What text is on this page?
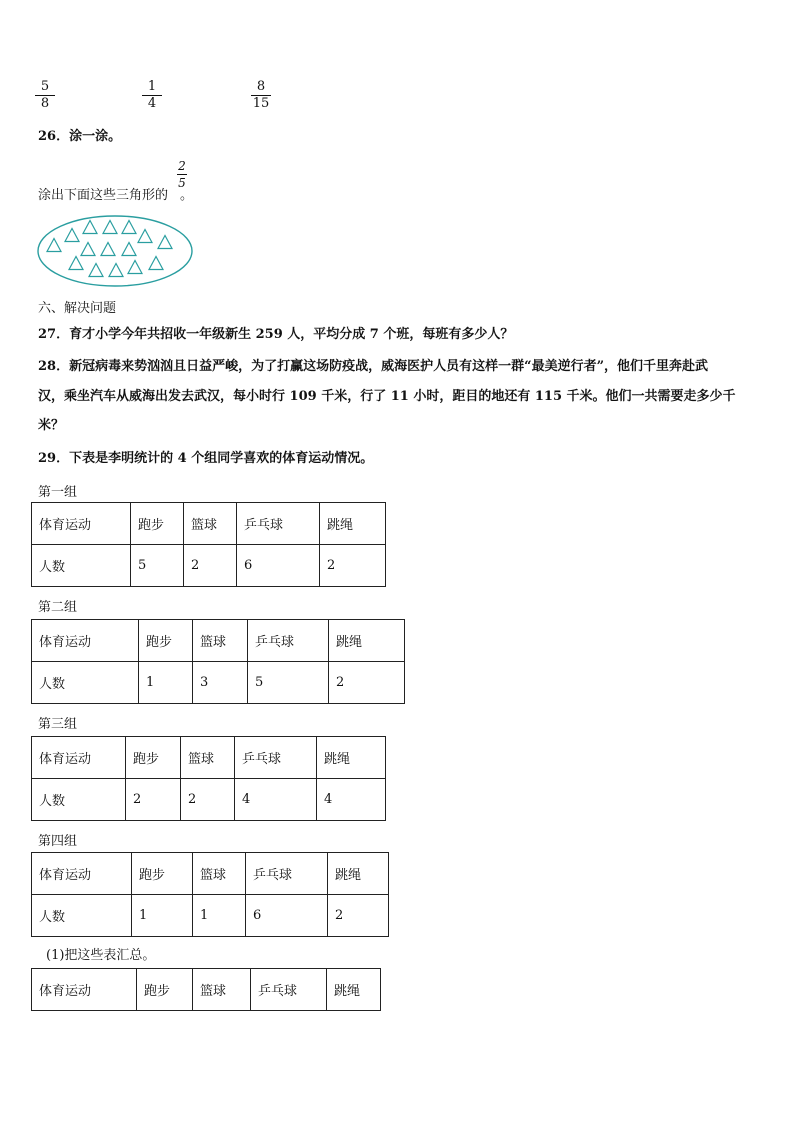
5
8
1
4
8
15
26．涂一涂。
涂出下面这些三角形的 。
2
5
六、解决问题
27．育才小学今年共招收一年级新生 259 人，平均分成 7 个班，每班有多少人？
28．新冠病毒来势汹汹且日益严峻，为了打赢这场防疫战，威海医护人员有这样一群“最美逆行者”，他们千里奔赴武
汉，乘坐汽车从威海出发去武汉，每小时行 109 千米，行了 11 小时，距目的地还有 115 千米。他们一共需要走多少千
米？
29．下表是李明统计的 4 个组同学喜欢的体育运动情况。
第一组
体育运动	跑步	篮球	乒乓球	跳绳
人数	5	2	6	2
第二组
体育运动	跑步	篮球	乒乓球	跳绳
人数	1	3	5	2
第三组
体育运动	跑步	篮球	乒乓球	跳绳
人数	2	2	4	4
第四组
体育运动	跑步	篮球	乒乓球	跳绳
人数	1	1	6	2
(1)把这些表汇总。
体育运动	跑步	篮球	乒乓球	跳绳
